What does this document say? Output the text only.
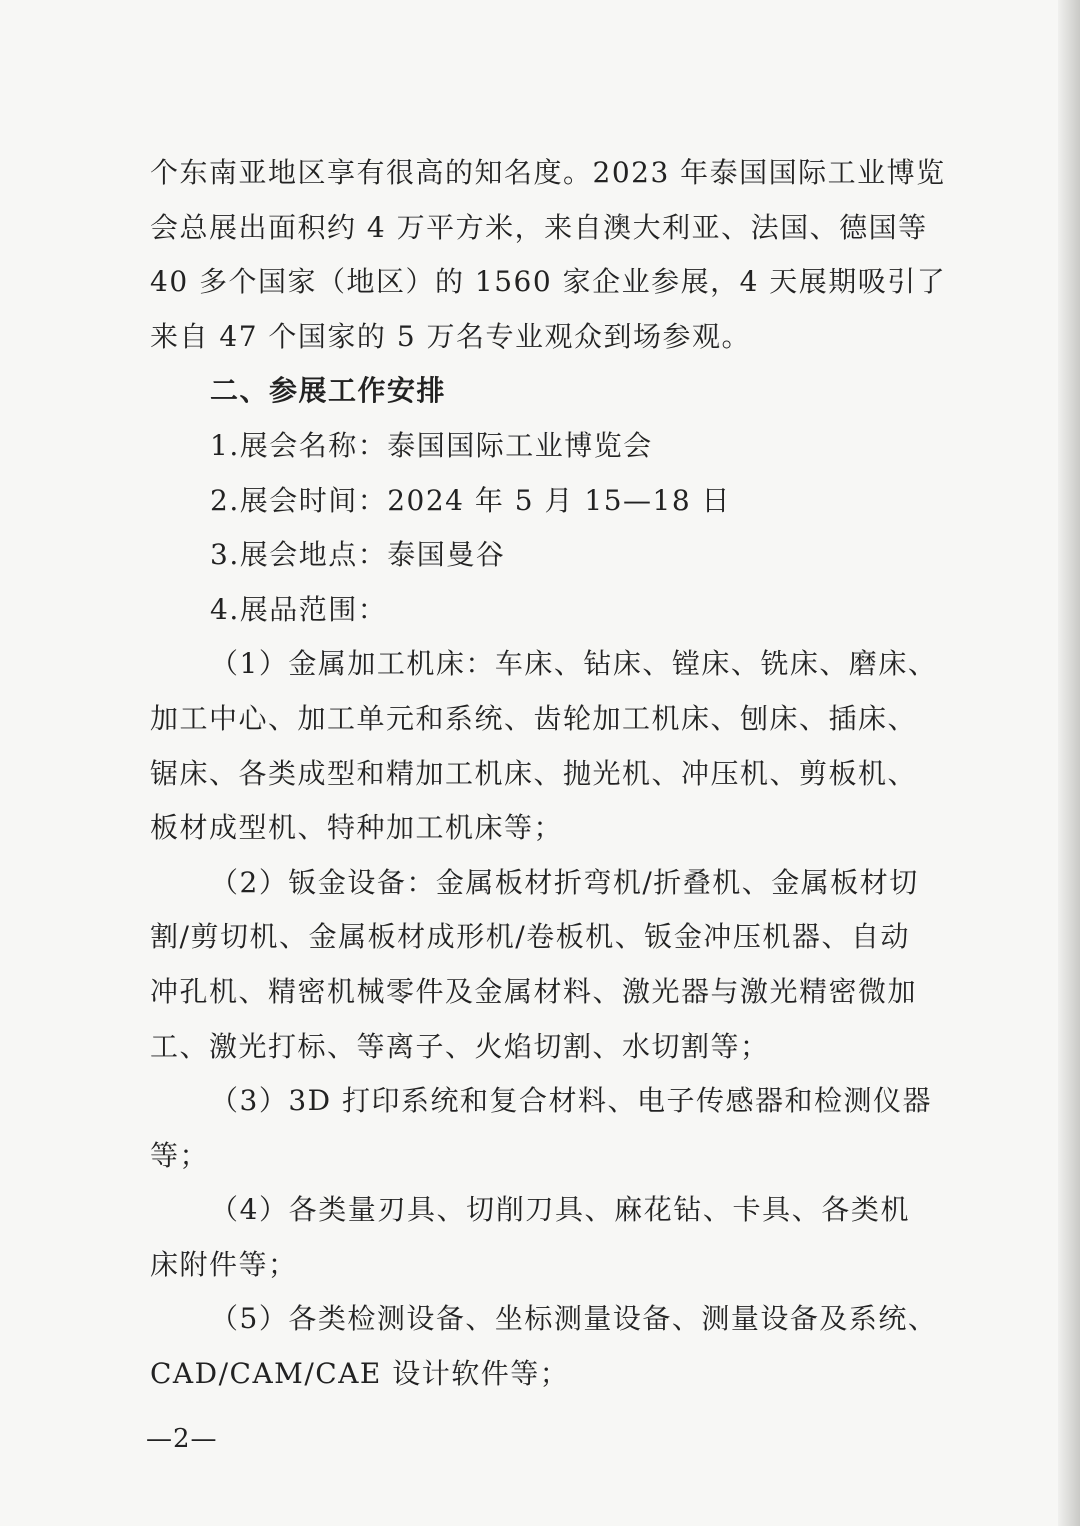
个东南亚地区享有很高的知名度。2023 年泰国国际工业博览
会总展出面积约 4 万平方米，来自澳大利亚、法国、德国等
40 多个国家（地区）的 1560 家企业参展，4 天展期吸引了
来自 47 个国家的 5 万名专业观众到场参观。
二、参展工作安排
1.展会名称：泰国国际工业博览会
2.展会时间：2024 年 5 月 15—18 日
3.展会地点：泰国曼谷
4.展品范围：
（1）金属加工机床：车床、钻床、镗床、铣床、磨床、
加工中心、加工单元和系统、齿轮加工机床、刨床、插床、
锯床、各类成型和精加工机床、抛光机、冲压机、剪板机、
板材成型机、特种加工机床等；
（2）钣金设备：金属板材折弯机/折叠机、金属板材切
割/剪切机、金属板材成形机/卷板机、钣金冲压机器、自动
冲孔机、精密机械零件及金属材料、激光器与激光精密微加
工、激光打标、等离子、火焰切割、水切割等；
（3）3D 打印系统和复合材料、电子传感器和检测仪器
等；
（4）各类量刃具、切削刀具、麻花钻、卡具、各类机
床附件等；
（5）各类检测设备、坐标测量设备、测量设备及系统、
CAD/CAM/CAE 设计软件等；
—2—
